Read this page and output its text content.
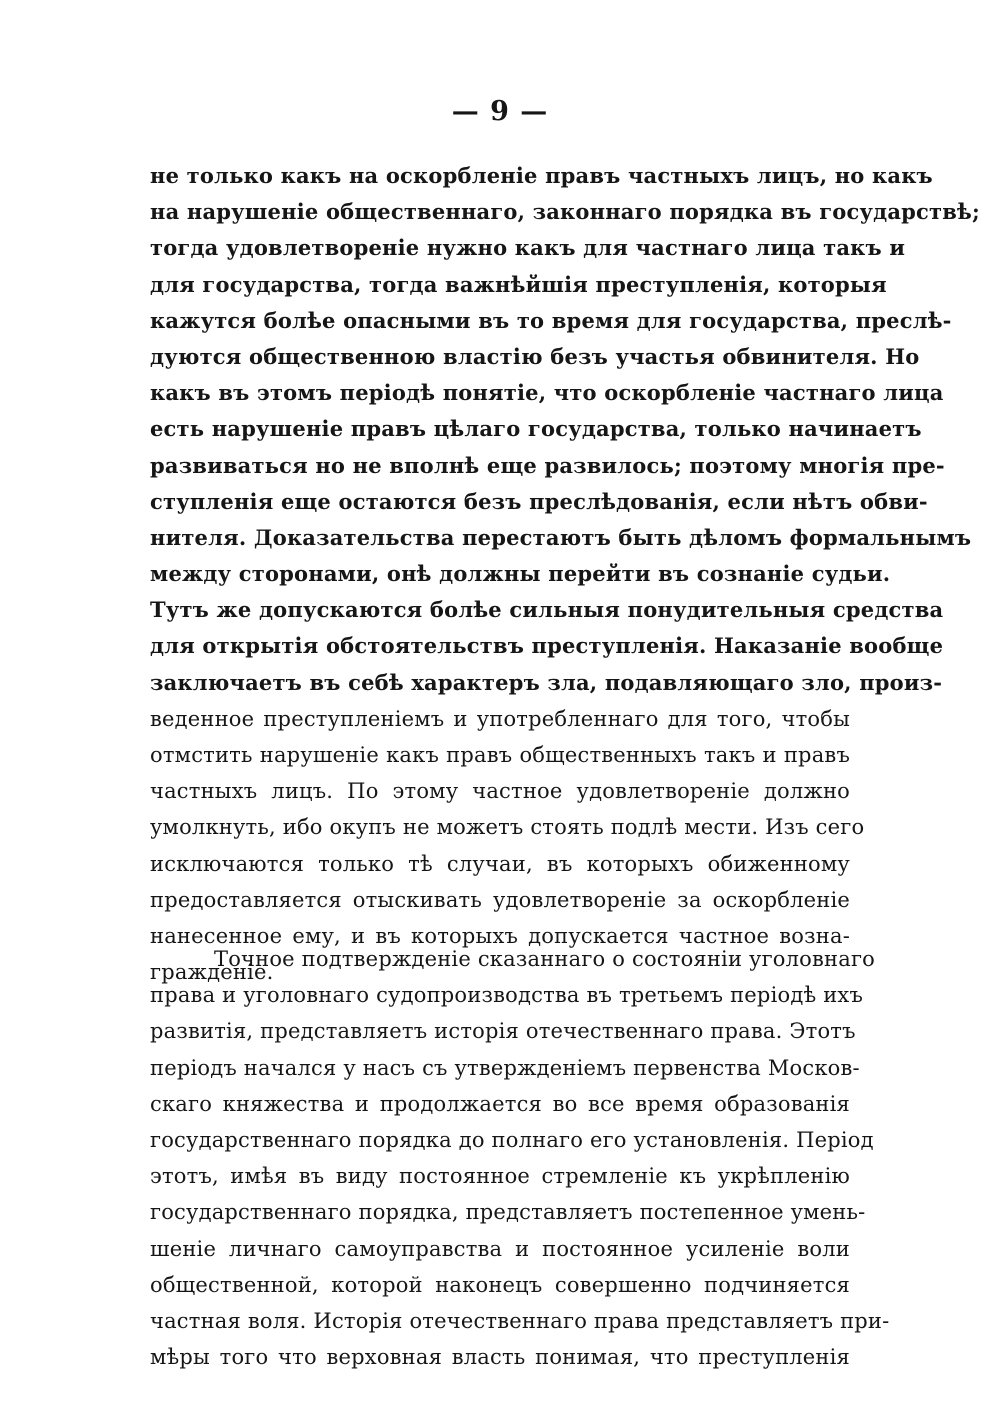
— 9 —
не только какъ на оскорбленіе правъ частныхъ лицъ, но какъ
на нарушеніе общественнаго, законнаго порядка въ государствѣ;
тогда удовлетвореніе нужно какъ для частнаго лица такъ и
для государства, тогда важнѣйшія преступленія, которыя
кажутся болѣе опасными въ то время для государства, преслѣ-
дуются общественною властію безъ участья обвинителя. Но
какъ въ этомъ періодѣ понятіе, что оскорбленіе частнаго лица
есть нарушеніе правъ цѣлаго государства, только начинаетъ
развиваться но не вполнѣ еще развилось; поэтому многія пре-
ступленія еще остаются безъ преслѣдованія, если нѣтъ обви-
нителя. Доказательства перестаютъ быть дѣломъ формальнымъ
между сторонами, онѣ должны перейти въ сознаніе судьи.
Тутъ же допускаются болѣе сильныя понудительныя средства
для открытія обстоятельствъ преступленія. Наказаніе вообще
заключаетъ въ себѣ характеръ зла, подавляющаго зло, произ-
веденное преступленіемъ и употребленнаго для того, чтобы
отмстить нарушеніе какъ правъ общественныхъ такъ и правъ
частныхъ лицъ. По этому частное удовлетвореніе должно
умолкнуть, ибо окупъ не можетъ стоять подлѣ мести. Изъ сего
исключаются только тѣ случаи, въ которыхъ обиженному
предоставляется отыскивать удовлетвореніе за оскорбленіе
нанесенное ему, и въ которыхъ допускается частное возна-
гражденіе.
Точное подтвержденіе сказаннаго о состояніи уголовнаго
права и уголовнаго судопроизводства въ третьемъ періодѣ ихъ
развитія, представляетъ исторія отечественнаго права. Этотъ
періодъ начался у насъ съ утвержденіемъ первенства Москов-
скаго княжества и продолжается во все время образованія
государственнаго порядка до полнаго его установленія. Період
этотъ, имѣя въ виду постоянное стремленіе къ укрѣпленію
государственнаго порядка, представляетъ постепенное умень-
шеніе личнаго самоуправства и постоянное усиленіе воли
общественной, которой наконецъ совершенно подчиняется
частная воля. Исторія отечественнаго права представляетъ при-
мѣры того что верховная власть понимая, что преступленія
